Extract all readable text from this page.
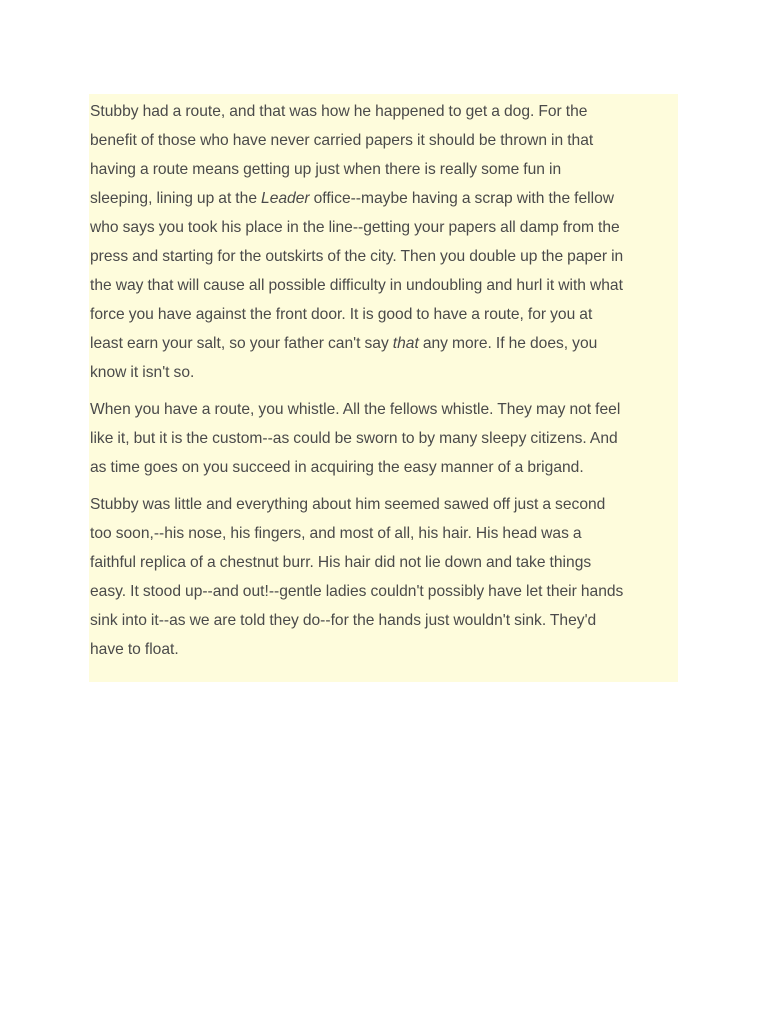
Stubby had a route, and that was how he happened to get a dog. For the
benefit of those who have never carried papers it should be thrown in that
having a route means getting up just when there is really some fun in
sleeping, lining up at the Leader office--maybe having a scrap with the fellow
who says you took his place in the line--getting your papers all damp from the
press and starting for the outskirts of the city. Then you double up the paper in
the way that will cause all possible difficulty in undoubling and hurl it with what
force you have against the front door. It is good to have a route, for you at
least earn your salt, so your father can't say that any more. If he does, you
know it isn't so.

When you have a route, you whistle. All the fellows whistle. They may not feel
like it, but it is the custom--as could be sworn to by many sleepy citizens. And
as time goes on you succeed in acquiring the easy manner of a brigand.

Stubby was little and everything about him seemed sawed off just a second
too soon,--his nose, his fingers, and most of all, his hair. His head was a
faithful replica of a chestnut burr. His hair did not lie down and take things
easy. It stood up--and out!--gentle ladies couldn't possibly have let their hands
sink into it--as we are told they do--for the hands just wouldn't sink. They'd
have to float.
